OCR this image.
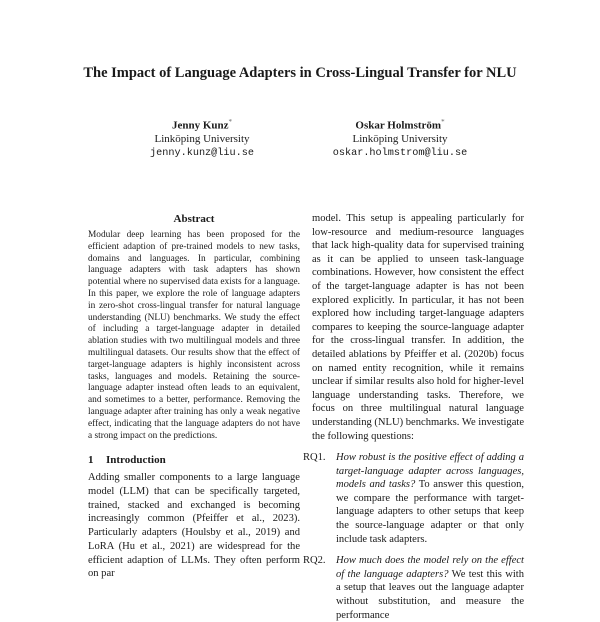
The Impact of Language Adapters in Cross-Lingual Transfer for NLU
Jenny Kunz*
Linköping University
jenny.kunz@liu.se
Oskar Holmström*
Linköping University
oskar.holmstrom@liu.se
Abstract
Modular deep learning has been proposed for the efficient adaption of pre-trained models to new tasks, domains and languages. In particular, combining language adapters with task adapters has shown potential where no supervised data exists for a language. In this paper, we explore the role of language adapters in zero-shot cross-lingual transfer for natural language understanding (NLU) benchmarks. We study the effect of including a target-language adapter in detailed ablation studies with two multilingual models and three multilingual datasets. Our results show that the effect of target-language adapters is highly inconsistent across tasks, languages and models. Retaining the source-language adapter instead often leads to an equivalent, and sometimes to a better, performance. Removing the language adapter after training has only a weak negative effect, indicating that the language adapters do not have a strong impact on the predictions.
1 Introduction
Adding smaller components to a large language model (LLM) that can be specifically targeted, trained, stacked and exchanged is becoming increasingly common (Pfeiffer et al., 2023). Particularly adapters (Houlsby et al., 2019) and LoRA (Hu et al., 2021) are widespread for the efficient adaption of LLMs. They often perform on par

model. This setup is appealing particularly for low-resource and medium-resource languages that lack high-quality data for supervised training as it can be applied to unseen task-language combinations. However, how consistent the effect of the target-language adapter is has not been explored explicitly. In particular, it has not been explored how including target-language adapters compares to keeping the source-language adapter for the cross-lingual transfer. In addition, the detailed ablations by Pfeiffer et al. (2020b) focus on named entity recognition, while it remains unclear if similar results also hold for higher-level language understanding tasks. Therefore, we focus on three multilingual natural language understanding (NLU) benchmarks. We investigate the following questions:

RQ1. How robust is the positive effect of adding a target-language adapter across languages, models and tasks? To answer this question, we compare the performance with target-language adapters to other setups that keep the source-language adapter or that only include task adapters.
RQ2. How much does the model rely on the effect of the language adapters? We test this with a setup that leaves out the language adapter without substitution, and measure the performance
